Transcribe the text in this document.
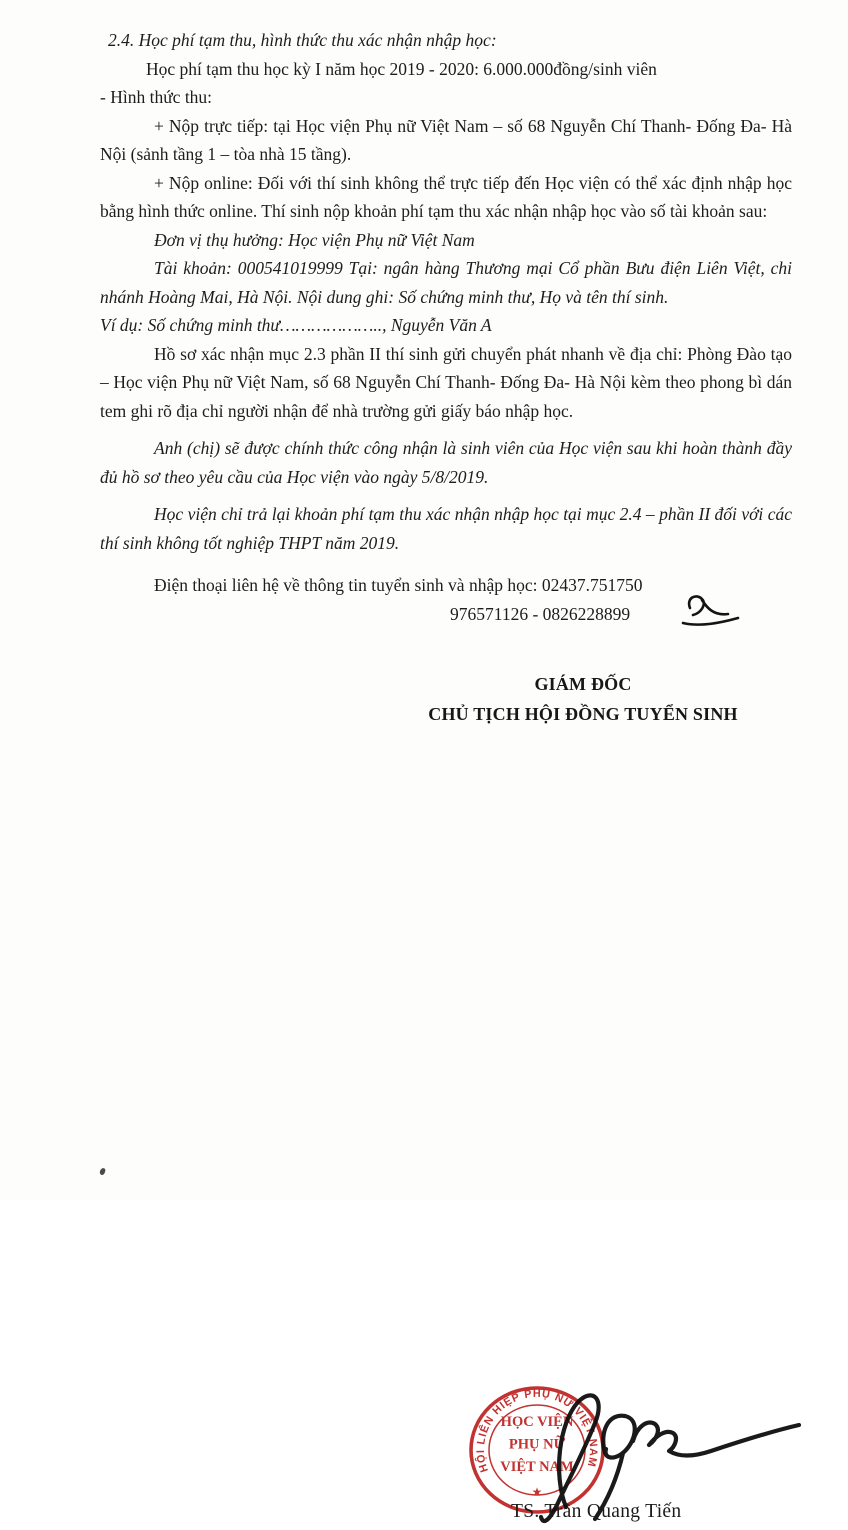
2.4. Học phí tạm thu, hình thức thu xác nhận nhập học:

Học phí tạm thu học kỳ I năm học 2019 - 2020: 6.000.000đồng/sinh viên

- Hình thức thu:

+ Nộp trực tiếp: tại Học viện Phụ nữ Việt Nam – số 68 Nguyễn Chí Thanh- Đống Đa- Hà Nội (sảnh tầng 1 – tòa nhà 15 tầng).

+ Nộp online: Đối với thí sinh không thể trực tiếp đến Học viện có thể xác định nhập học bằng hình thức online. Thí sinh nộp khoản phí tạm thu xác nhận nhập học vào số tài khoản sau:

Đơn vị thụ hưởng: Học viện Phụ nữ Việt Nam

Tài khoản: 000541019999 Tại: ngân hàng Thương mại Cổ phần Bưu điện Liên Việt, chi nhánh Hoàng Mai, Hà Nội. Nội dung ghi: Số chứng minh thư, Họ và tên thí sinh.

Ví dụ: Số chứng minh thư……………….., Nguyễn Văn A

Hồ sơ xác nhận mục 2.3 phần II thí sinh gửi chuyển phát nhanh về địa chỉ: Phòng Đào tạo – Học viện Phụ nữ Việt Nam, số 68 Nguyễn Chí Thanh- Đống Đa- Hà Nội kèm theo phong bì dán tem ghi rõ địa chỉ người nhận để nhà trường gửi giấy báo nhập học.

Anh (chị) sẽ được chính thức công nhận là sinh viên của Học viện sau khi hoàn thành đầy đủ hồ sơ theo yêu cầu của Học viện vào ngày 5/8/2019.

Học viện chỉ trả lại khoản phí tạm thu xác nhận nhập học tại mục 2.4 – phần II đối với các thí sinh không tốt nghiệp THPT năm 2019.

Điện thoại liên hệ về thông tin tuyển sinh và nhập học: 02437.751750

976571126 - 0826228899

GIÁM ĐỐC
CHỦ TỊCH HỘI ĐỒNG TUYỂN SINH
HỘI LIÊN HIỆP PHỤ NỮ VIỆT NAM
HỌC VIỆN
PHỤ NỮ
VIỆT NAM
★
TS. Trần Quang Tiến
